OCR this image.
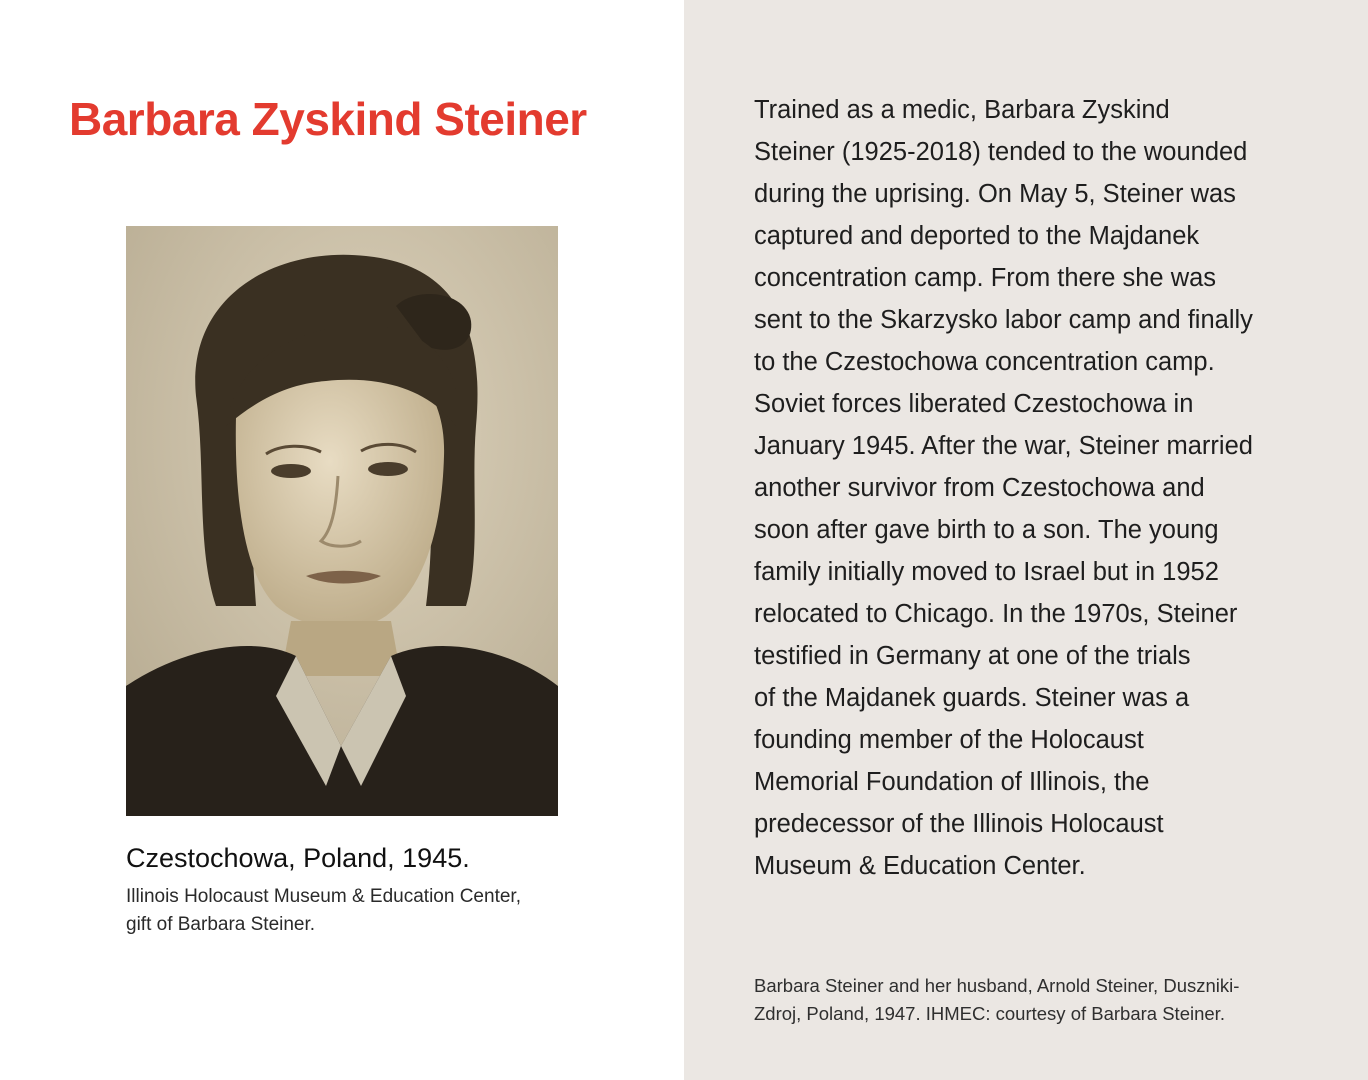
Barbara Zyskind Steiner
Czestochowa, Poland, 1945.
Illinois Holocaust Museum & Education Center,
gift of Barbara Steiner.
Trained as a medic, Barbara Zyskind
Steiner (1925-2018) tended to the wounded
during the uprising. On May 5, Steiner was
captured and deported to the Majdanek
concentration camp. From there she was
sent to the Skarzysko labor camp and finally
to the Czestochowa concentration camp.
Soviet forces liberated Czestochowa in
January 1945. After the war, Steiner married
another survivor from Czestochowa and
soon after gave birth to a son. The young
family initially moved to Israel but in 1952
relocated to Chicago. In the 1970s, Steiner
testified in Germany at one of the trials
of the Majdanek guards. Steiner was a
founding member of the Holocaust
Memorial Foundation of Illinois, the
predecessor of the Illinois Holocaust
Museum & Education Center.
Barbara Steiner and her husband, Arnold Steiner, Duszniki-
Zdroj, Poland, 1947. IHMEC: courtesy of Barbara Steiner.
